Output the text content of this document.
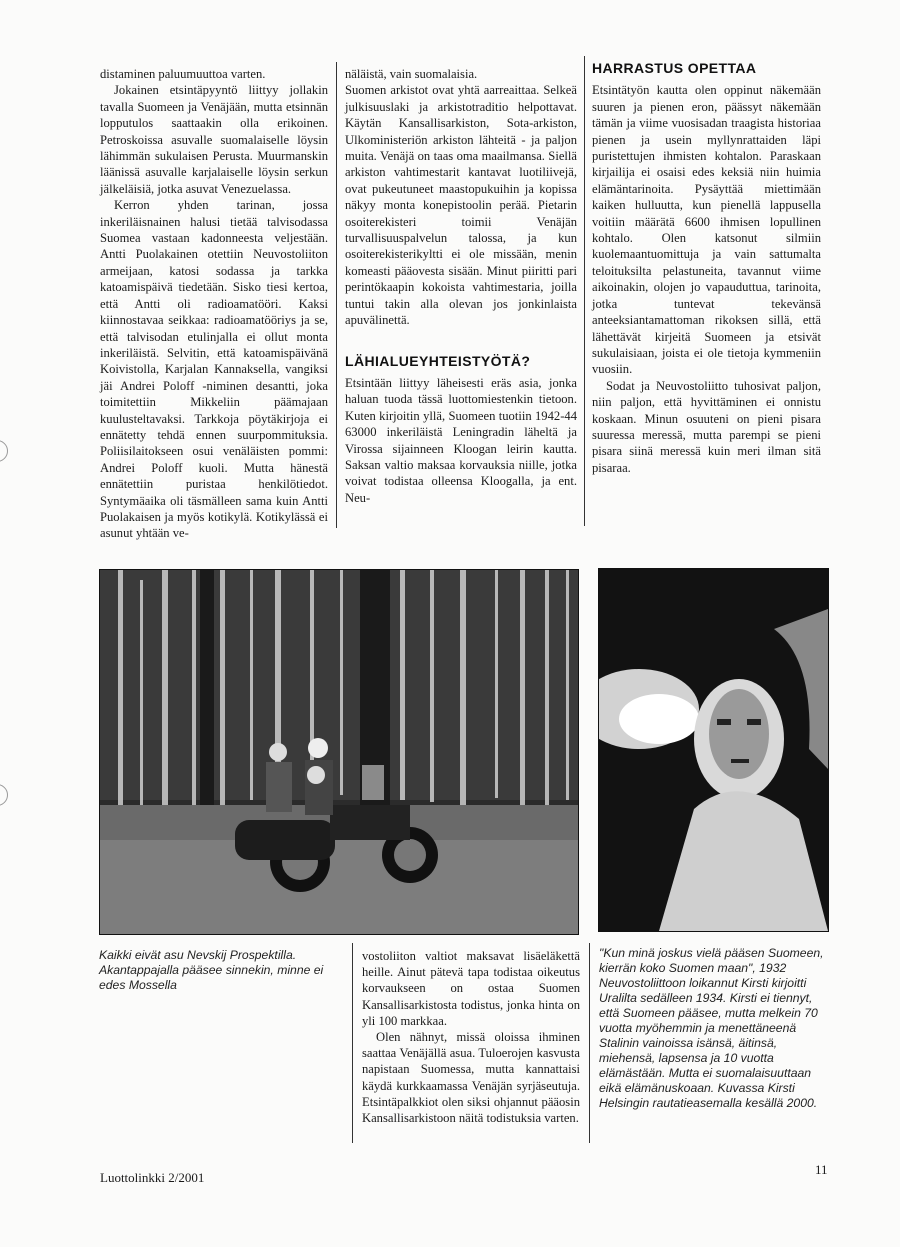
distaminen paluumuuttoa varten.

Jokainen etsintäpyyntö liittyy jollakin tavalla Suomeen ja Venäjään, mutta etsinnän lopputulos saattaakin olla erikoinen. Petroskoissa asuvalle suomalaiselle löysin lähimmän sukulaisen Perusta. Muurmanskin läänissä asuvalle karjalaiselle löysin serkun jälkeläisiä, jotka asuvat Venezuelassa.

Kerron yhden tarinan, jossa inkeriläisnainen halusi tietää talvisodassa Suomea vastaan kadonneesta veljestään. Antti Puolakainen otettiin Neuvostoliiton armeijaan, katosi sodassa ja tarkka katoamispäivä tiedetään. Sisko tiesi kertoa, että Antti oli radioamatööri. Kaksi kiinnostavaa seikkaa: radioamatööriys ja se, että talvisodan etulinjalla ei ollut monta inkeriläistä. Selvitin, että katoamispäivänä Koivistolla, Karjalan Kannaksella, vangiksi jäi Andrei Poloff -niminen desantti, joka toimitettiin Mikkeliin päämajaan kuulusteltavaksi. Tarkkoja pöytäkirjoja ei ennätetty tehdä ennen suurpommituksia. Poliisilaitokseen osui venäläisten pommi: Andrei Poloff kuoli. Mutta hänestä ennätettiin puristaa henkilötiedot. Syntymäaika oli täsmälleen sama kuin Antti Puolakaisen ja myös kotikylä. Kotikylässä ei asunut yhtään ve-

näläistä, vain suomalaisia.

Suomen arkistot ovat yhtä aarreaittaa. Selkeä julkisuuslaki ja arkistotraditio helpottavat. Käytän Kansallisarkiston, Sota-arkiston, Ulkoministeriön arkiston lähteitä - ja paljon muita. Venäjä on taas oma maailmansa. Siellä arkiston vahtimestarit kantavat luotiliivejä, ovat pukeutuneet maastopukuihin ja kopissa näkyy monta konepistoolin perää. Pietarin osoiterekisteri toimii Venäjän turvallisuuspalvelun talossa, ja kun osoiterekisterikyltti ei ole missään, menin komeasti pääovesta sisään. Minut piiritti pari perintökaapin kokoista vahtimestaria, joilla tuntui takin alla olevan jos jonkinlaista apuvälinettä.

LÄHIALUEYHTEISTYÖTÄ?

Etsintään liittyy läheisesti eräs asia, jonka haluan tuoda tässä luottomiestenkin tietoon. Kuten kirjoitin yllä, Suomeen tuotiin 1942-44 63000 inkeriläistä Leningradin läheltä ja Virossa sijainneen Kloogan leirin kautta. Saksan valtio maksaa korvauksia niille, jotka voivat todistaa olleensa Kloogalla, ja ent. Neu-

HARRASTUS OPETTAA

Etsintätyön kautta olen oppinut näkemään suuren ja pienen eron, päässyt näkemään tämän ja viime vuosisadan traagista historiaa pienen ja usein myllynrattaiden läpi puristettujen ihmisten kohtalon. Paraskaan kirjailija ei osaisi edes keksiä niin huimia elämäntarinoita. Pysäyttää miettimään kaiken hulluutta, kun pienellä lappusella voitiin määrätä 6600 ihmisen lopullinen kohtalo. Olen katsonut silmiin kuolemaantuomittuja ja vain sattumalta teloituksilta pelastuneita, tavannut viime aikoinakin, olojen jo vapauduttua, tarinoita, jotka tuntevat tekevänsä anteeksiantamattoman rikoksen sillä, että lähettävät kirjeitä Suomeen ja etsivät sukulaisiaan, joista ei ole tietoja kymmeniin vuosiin.

Sodat ja Neuvostoliitto tuhosivat paljon, niin paljon, että hyvittäminen ei onnistu koskaan. Minun osuuteni on pieni pisara suuressa meressä, mutta parempi se pieni pisara siinä meressä kuin meri ilman sitä pisaraa.

Kaikki eivät asu Nevskij Prospektilla. Akantappajalla pääsee sinnekin, minne ei edes Mossella

vostoliiton valtiot maksavat lisäeläkettä heille. Ainut pätevä tapa todistaa oikeutus korvaukseen on ostaa Suomen Kansallisarkistosta todistus, jonka hinta on yli 100 markkaa.

Olen nähnyt, missä oloissa ihminen saattaa Venäjällä asua. Tuloerojen kasvusta napistaan Suomessa, mutta kannattaisi käydä kurkkaamassa Venäjän syrjäseutuja. Etsintäpalkkiot olen siksi ohjannut pääosin Kansallisarkistoon näitä todistuksia varten.

"Kun minä joskus vielä pääsen Suomeen, kierrän koko Suomen maan", 1932 Neuvostoliittoon loikannut Kirsti kirjoitti Uralilta sedälleen 1934. Kirsti ei tiennyt, että Suomeen pääsee, mutta melkein 70 vuotta myöhemmin ja menettäneenä Stalinin vainoissa isänsä, äitinsä, miehensä, lapsensa ja 10 vuotta elämästään. Mutta ei suomalaisuuttaan eikä elämänuskoaan. Kuvassa Kirsti Helsingin rautatieasemalla kesällä 2000.

Luottolinkki 2/2001
11
